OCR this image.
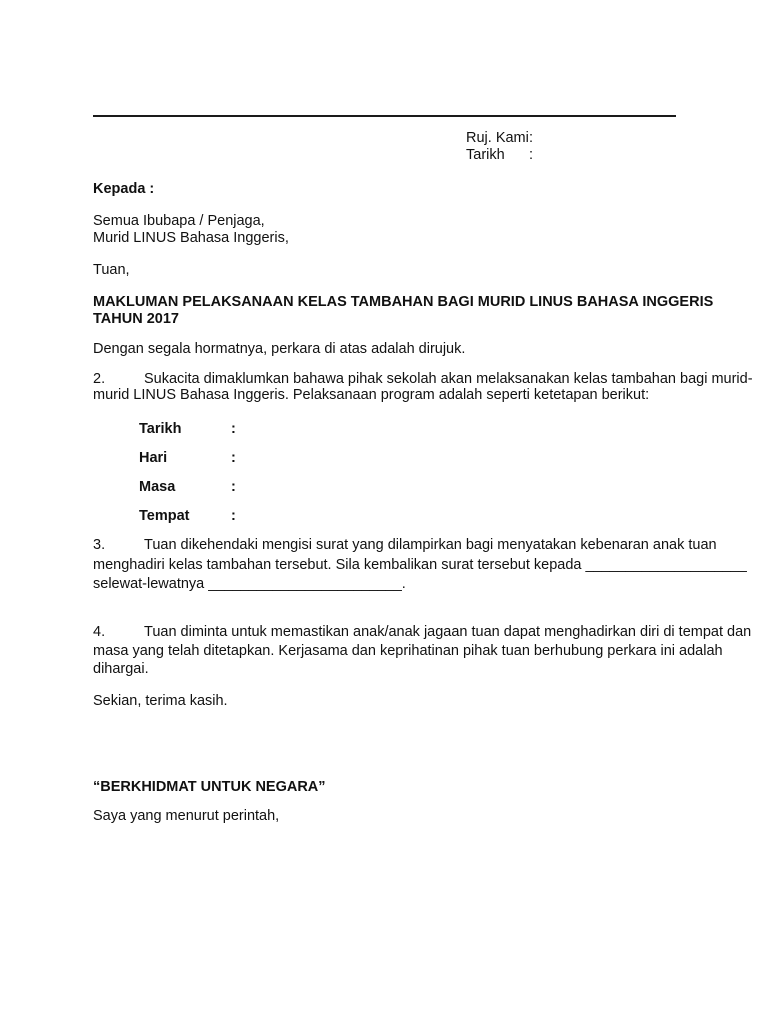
Ruj. Kami :
Tarikh :
Kepada :
Semua Ibubapa / Penjaga,
Murid LINUS Bahasa Inggeris,
Tuan,
MAKLUMAN PELAKSANAAN KELAS TAMBAHAN BAGI MURID LINUS BAHASA INGGERIS
TAHUN 2017
Dengan segala hormatnya, perkara di atas adalah dirujuk.
2.	Sukacita dimaklumkan bahawa pihak sekolah akan melaksanakan kelas tambahan bagi murid-
murid LINUS Bahasa Inggeris. Pelaksanaan program adalah seperti ketetapan berikut:
Tarikh	:
Hari	:
Masa	:
Tempat	:
3.	Tuan dikehendaki mengisi surat yang dilampirkan bagi menyatakan kebenaran anak tuan
menghadiri kelas tambahan tersebut. Sila kembalikan surat tersebut kepada ____________________
selewat-lewatnya ________________________.
4.	Tuan diminta untuk memastikan anak/anak jagaan tuan dapat menghadirkan diri di tempat dan
masa yang telah ditetapkan. Kerjasama dan keprihatinan pihak tuan berhubung perkara ini adalah
dihargai.
Sekian, terima kasih.
“BERKHIDMAT UNTUK NEGARA”
Saya yang menurut perintah,
